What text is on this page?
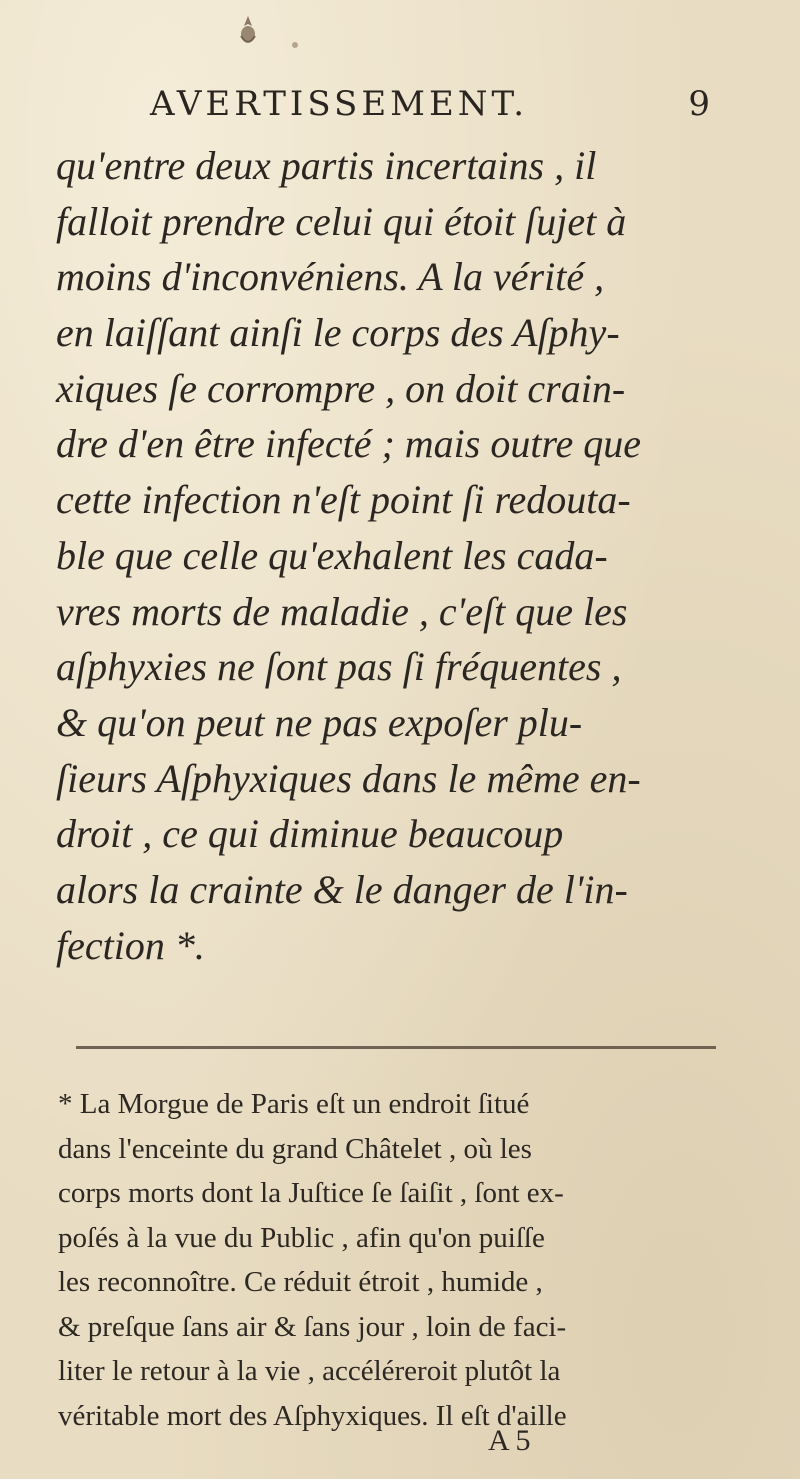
AVERTISSEMENT.	9
qu'entre deux partis incertains , il
falloit prendre celui qui étoit ſujet à
moins d'inconvéniens. A la vérité ,
en laiſſant ainſi le corps des Aſphy-
xiques ſe corrompre , on doit crain-
dre d'en être infecté ; mais outre que
cette infection n'eſt point ſi redouta-
ble que celle qu'exhalent les cada-
vres morts de maladie , c'eſt que les
aſphyxies ne ſont pas ſi fréquentes ,
& qu'on peut ne pas expoſer plu-
ſieurs Aſphyxiques dans le même en-
droit , ce qui diminue beaucoup
alors la crainte & le danger de l'in-
fection *.
* La Morgue de Paris eſt un endroit ſitué
dans l'enceinte du grand Châtelet , où les
corps morts dont la Juſtice ſe ſaiſit , ſont ex-
poſés à la vue du Public , afin qu'on puiſſe
les reconnoître. Ce réduit étroit , humide ,
& preſque ſans air & ſans jour , loin de faci-
liter le retour à la vie , accéléreroit plutôt la
véritable mort des Aſphyxiques. Il eſt d'aille
A 5
